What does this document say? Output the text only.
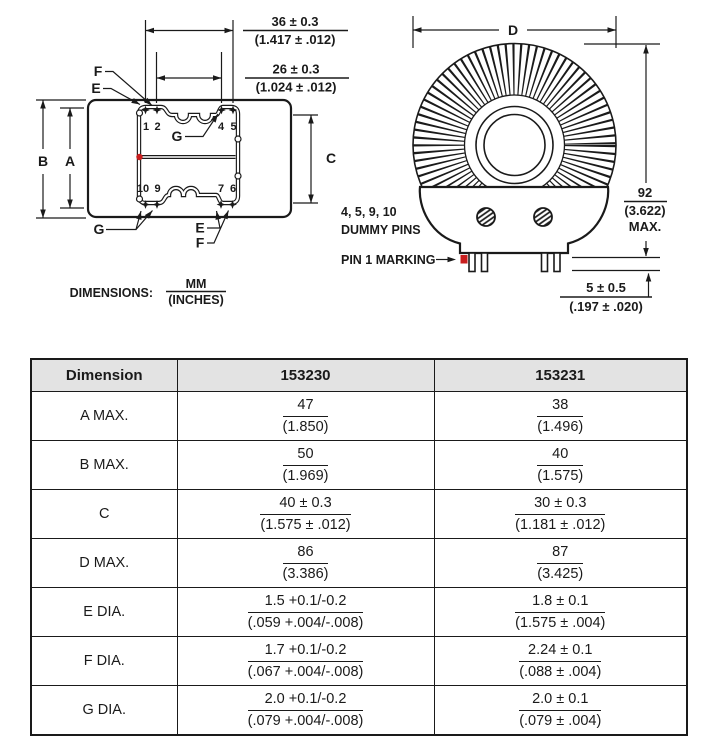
1 2	4 5
10 9	7 6
36 ± 0.3
(1.417 ± .012)
26 ± 0.3
(1.024 ± .012)
B A	C
F
E
G
G	E
F
DIMENSIONS:
MM
(INCHES)
D
92
(3.622)
MAX.
5 ± 0.5
(.197 ± .020)
4, 5, 9, 10
DUMMY PINS
PIN 1 MARKING
Dimension	153230	153231
A MAX.	$\frac{47}{(1.850)}$	$\frac{38}{(1.496)}$

B MAX.	$\frac{50}{(1.969)}$	$\frac{40}{(1.575)}$

C	$\frac{40 \pm 0.3}{(1.575 \pm .012)}$	$\frac{30 \pm 0.3}{(1.181 \pm .012)}$

D MAX.	$\frac{86}{(3.386)}$	$\frac{87}{(3.425)}$

E DIA.	$\frac{1.5 +0.1/-0.2}{(.059 +.004/-.008)}$	$\frac{1.8 \pm 0.1}{(1.575 \pm .004)}$

F DIA.	$\frac{1.7 +0.1/-0.2}{(.067 +.004/-.008)}$	$\frac{2.24 \pm 0.1}{(.088 \pm .004)}$

G DIA.	$\frac{2.0 +0.1/-0.2}{(.079 +.004/-.008)}$	$\frac{2.0 \pm 0.1}{(.079 \pm .004)}$
